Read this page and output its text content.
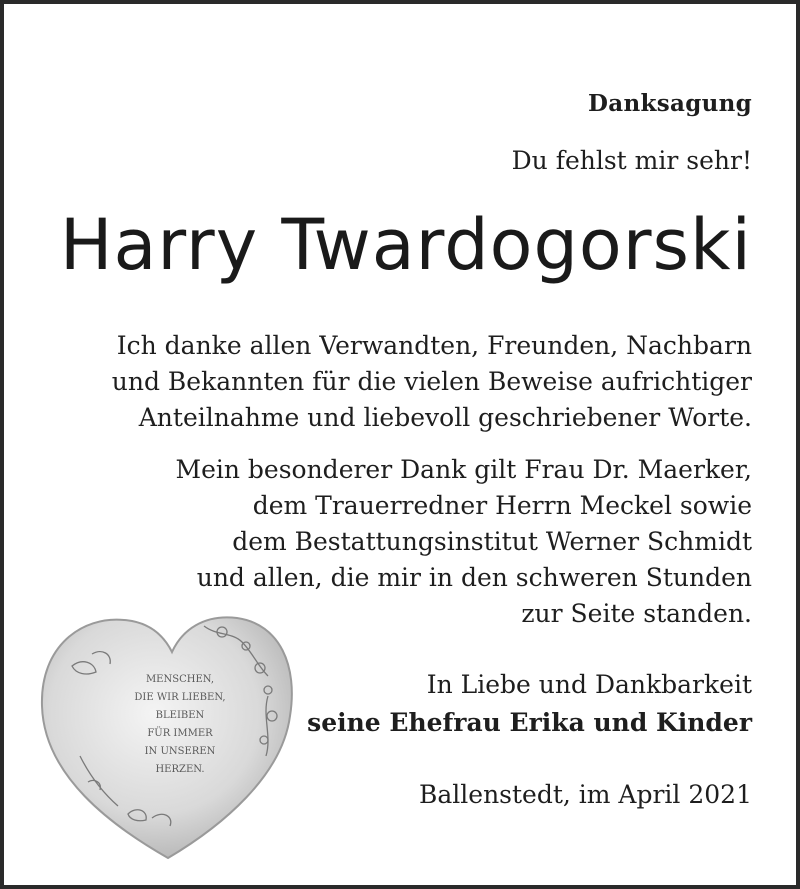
MENSCHEN,
DIE WIR LIEBEN,
BLEIBEN
FÜR IMMER
IN UNSEREN
HERZEN.
Danksagung
Du fehlst mir sehr!
Harry Twardogorski
Ich danke allen Verwandten, Freunden, Nachbarn
und Bekannten für die vielen Beweise aufrichtiger
Anteilnahme und liebevoll geschriebener Worte.
Mein besonderer Dank gilt Frau Dr. Maerker,
dem Trauerredner Herrn Meckel sowie
dem Bestattungsinstitut Werner Schmidt
und allen, die mir in den schweren Stunden
zur Seite standen.
In Liebe und Dankbarkeit
seine Ehefrau Erika und Kinder
Ballenstedt, im April 2021
